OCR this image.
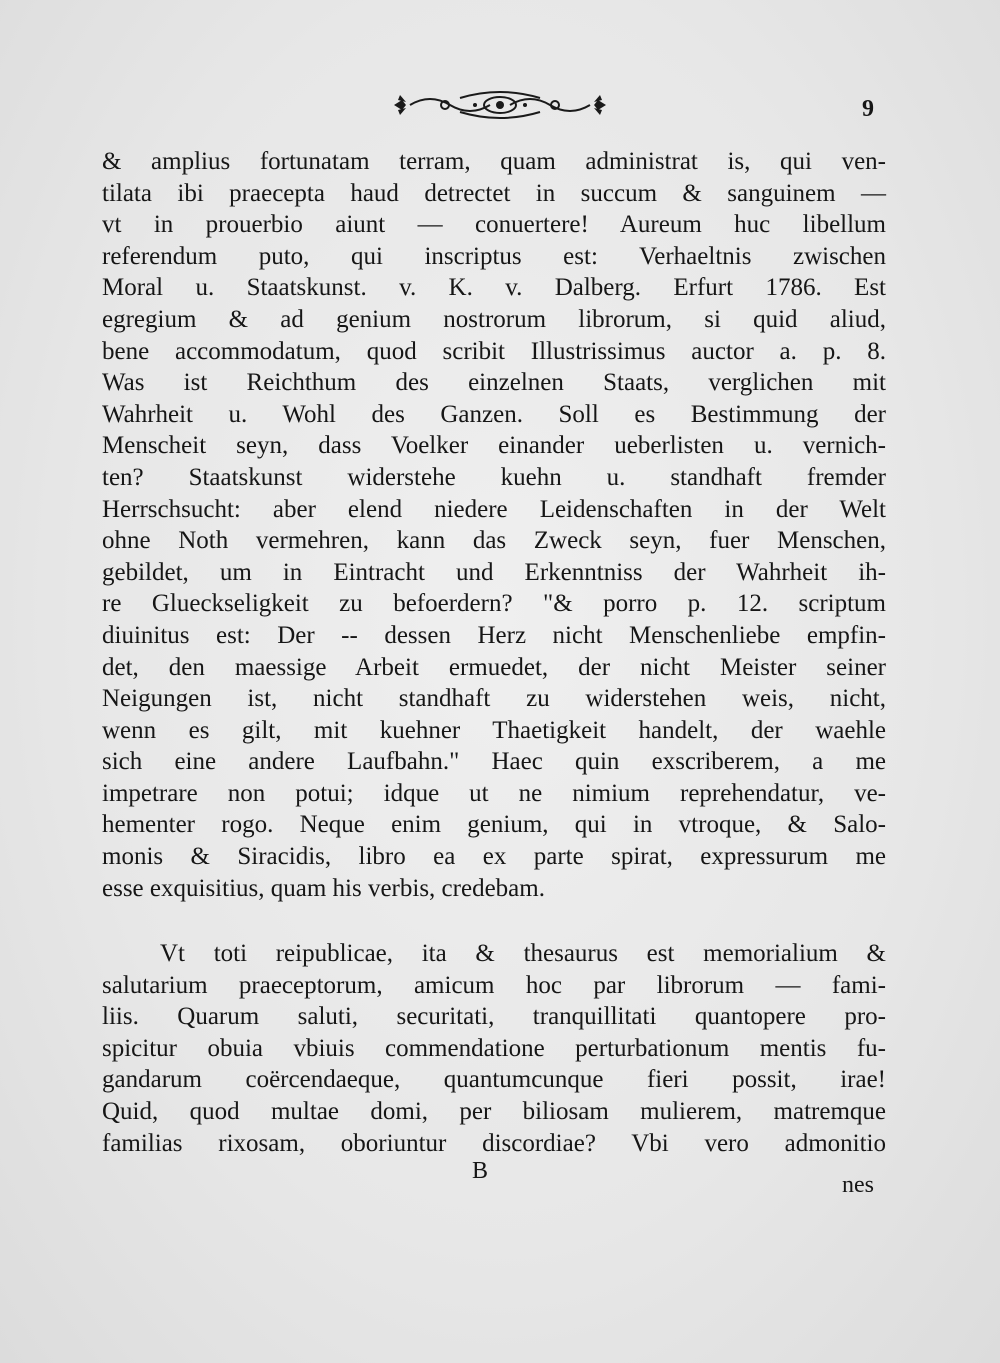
9
& amplius fortunatam terram, quam administrat is, qui ven-
tilata ibi praecepta haud detrectet in succum & sanguinem —
vt in prouerbio aiunt — conuertere! Aureum huc libellum
referendum puto, qui inscriptus est: Verhaeltnis zwischen
Moral u. Staatskunst. v. K. v. Dalberg. Erfurt 1786. Est
egregium & ad genium nostrorum librorum, si quid aliud,
bene accommodatum, quod scribit Illustrissimus auctor a. p. 8.
Was ist Reichthum des einzelnen Staats, verglichen mit
Wahrheit u. Wohl des Ganzen. Soll es Bestimmung der
Menscheit seyn, dass Voelker einander ueberlisten u. vernich-
ten? Staatskunst widerstehe kuehn u. standhaft fremder
Herrschsucht: aber elend niedere Leidenschaften in der Welt
ohne Noth vermehren, kann das Zweck seyn, fuer Menschen,
gebildet, um in Eintracht und Erkenntniss der Wahrheit ih-
re Glueckseligkeit zu befoerdern? "& porro p. 12. scriptum
diuinitus est: Der -- dessen Herz nicht Menschenliebe empfin-
det, den maessige Arbeit ermuedet, der nicht Meister seiner
Neigungen ist, nicht standhaft zu widerstehen weis, nicht,
wenn es gilt, mit kuehner Thaetigkeit handelt, der waehle
sich eine andere Laufbahn." Haec quin exscriberem, a me
impetrare non potui; idque ut ne nimium reprehendatur, ve-
hementer rogo. Neque enim genium, qui in vtroque, & Salo-
monis & Siracidis, libro ea ex parte spirat, expressurum me
esse exquisitius, quam his verbis, credebam.
Vt toti reipublicae, ita & thesaurus est memorialium &
salutarium praeceptorum, amicum hoc par librorum — fami-
liis. Quarum saluti, securitati, tranquillitati quantopere pro-
spicitur obuia vbiuis commendatione perturbationum mentis fu-
gandarum coërcendaeque, quantumcunque fieri possit, irae!
Quid, quod multae domi, per biliosam mulierem, matremque
familias rixosam, oboriuntur discordiae? Vbi vero admonitio
B
nes
